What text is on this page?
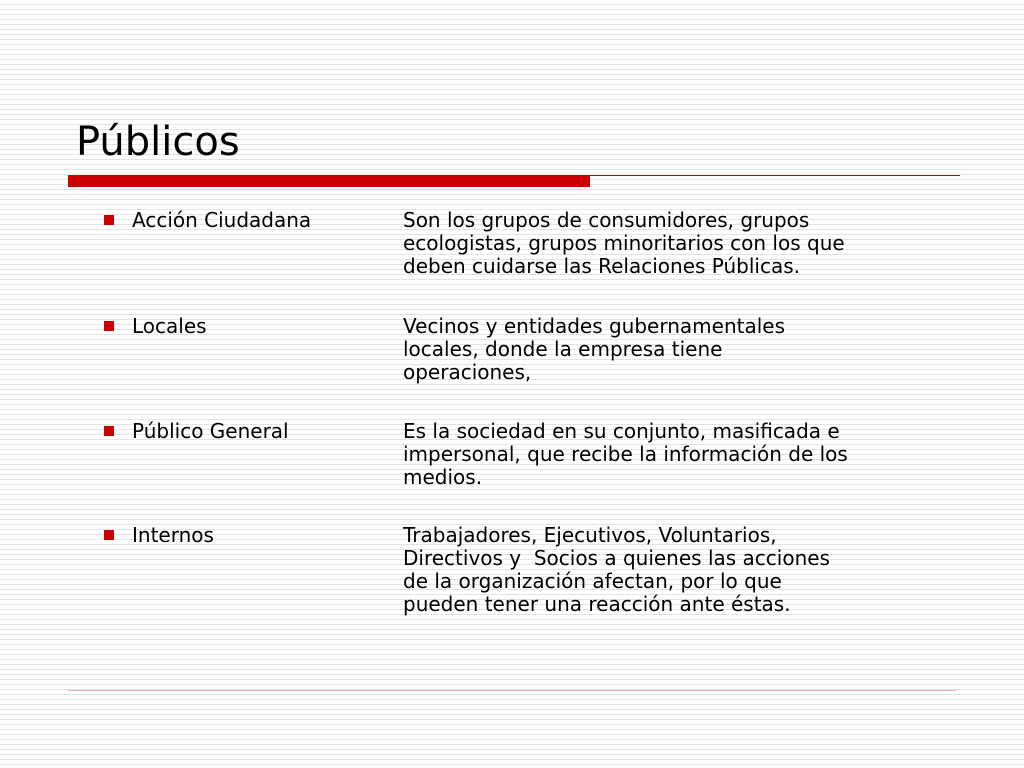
Públicos
Acción Ciudadana	Son los grupos de consumidores, grupos
ecologistas, grupos minoritarios con los que
deben cuidarse las Relaciones Públicas.
Locales	Vecinos y entidades gubernamentales
locales, donde la empresa tiene
operaciones,
Público General	Es la sociedad en su conjunto, masificada e
impersonal, que recibe la información de los
medios.
Internos	Trabajadores, Ejecutivos, Voluntarios,
Directivos y  Socios a quienes las acciones
de la organización afectan, por lo que
pueden tener una reacción ante éstas.
